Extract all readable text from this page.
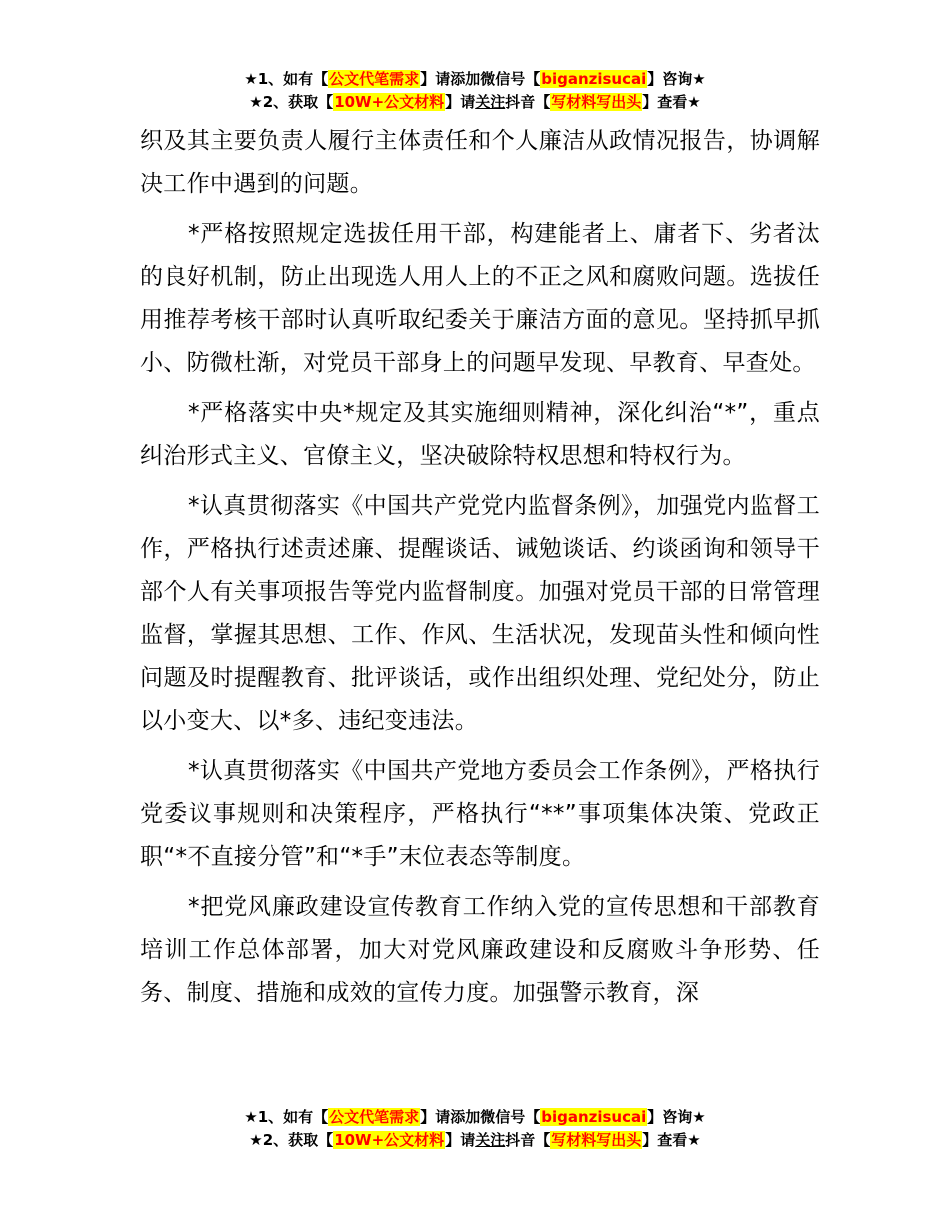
★1、如有【公文代笔需求】请添加微信号【biganzisucai】咨询★
★2、获取【10W+公文材料】请关注抖音【写材料写出头】查看★

织及其主要负责人履行主体责任和个人廉洁从政情况报告，协调解决工作中遇到的问题。

*严格按照规定选拔任用干部，构建能者上、庸者下、劣者汰的良好机制，防止出现选人用人上的不正之风和腐败问题。选拔任用推荐考核干部时认真听取纪委关于廉洁方面的意见。坚持抓早抓小、防微杜渐，对党员干部身上的问题早发现、早教育、早查处。

*严格落实中央*规定及其实施细则精神，深化纠治“*”，重点纠治形式主义、官僚主义，坚决破除特权思想和特权行为。

*认真贯彻落实《中国共产党党内监督条例》，加强党内监督工作，严格执行述责述廉、提醒谈话、诫勉谈话、约谈函询和领导干部个人有关事项报告等党内监督制度。加强对党员干部的日常管理监督，掌握其思想、工作、作风、生活状况，发现苗头性和倾向性问题及时提醒教育、批评谈话，或作出组织处理、党纪处分，防止以小变大、以*多、违纪变违法。

*认真贯彻落实《中国共产党地方委员会工作条例》，严格执行党委议事规则和决策程序，严格执行“**”事项集体决策、党政正职“*不直接分管”和“*手”末位表态等制度。

*把党风廉政建设宣传教育工作纳入党的宣传思想和干部教育培训工作总体部署，加大对党风廉政建设和反腐败斗争形势、任务、制度、措施和成效的宣传力度。加强警示教育，深

★1、如有【公文代笔需求】请添加微信号【biganzisucai】咨询★
★2、获取【10W+公文材料】请关注抖音【写材料写出头】查看★
